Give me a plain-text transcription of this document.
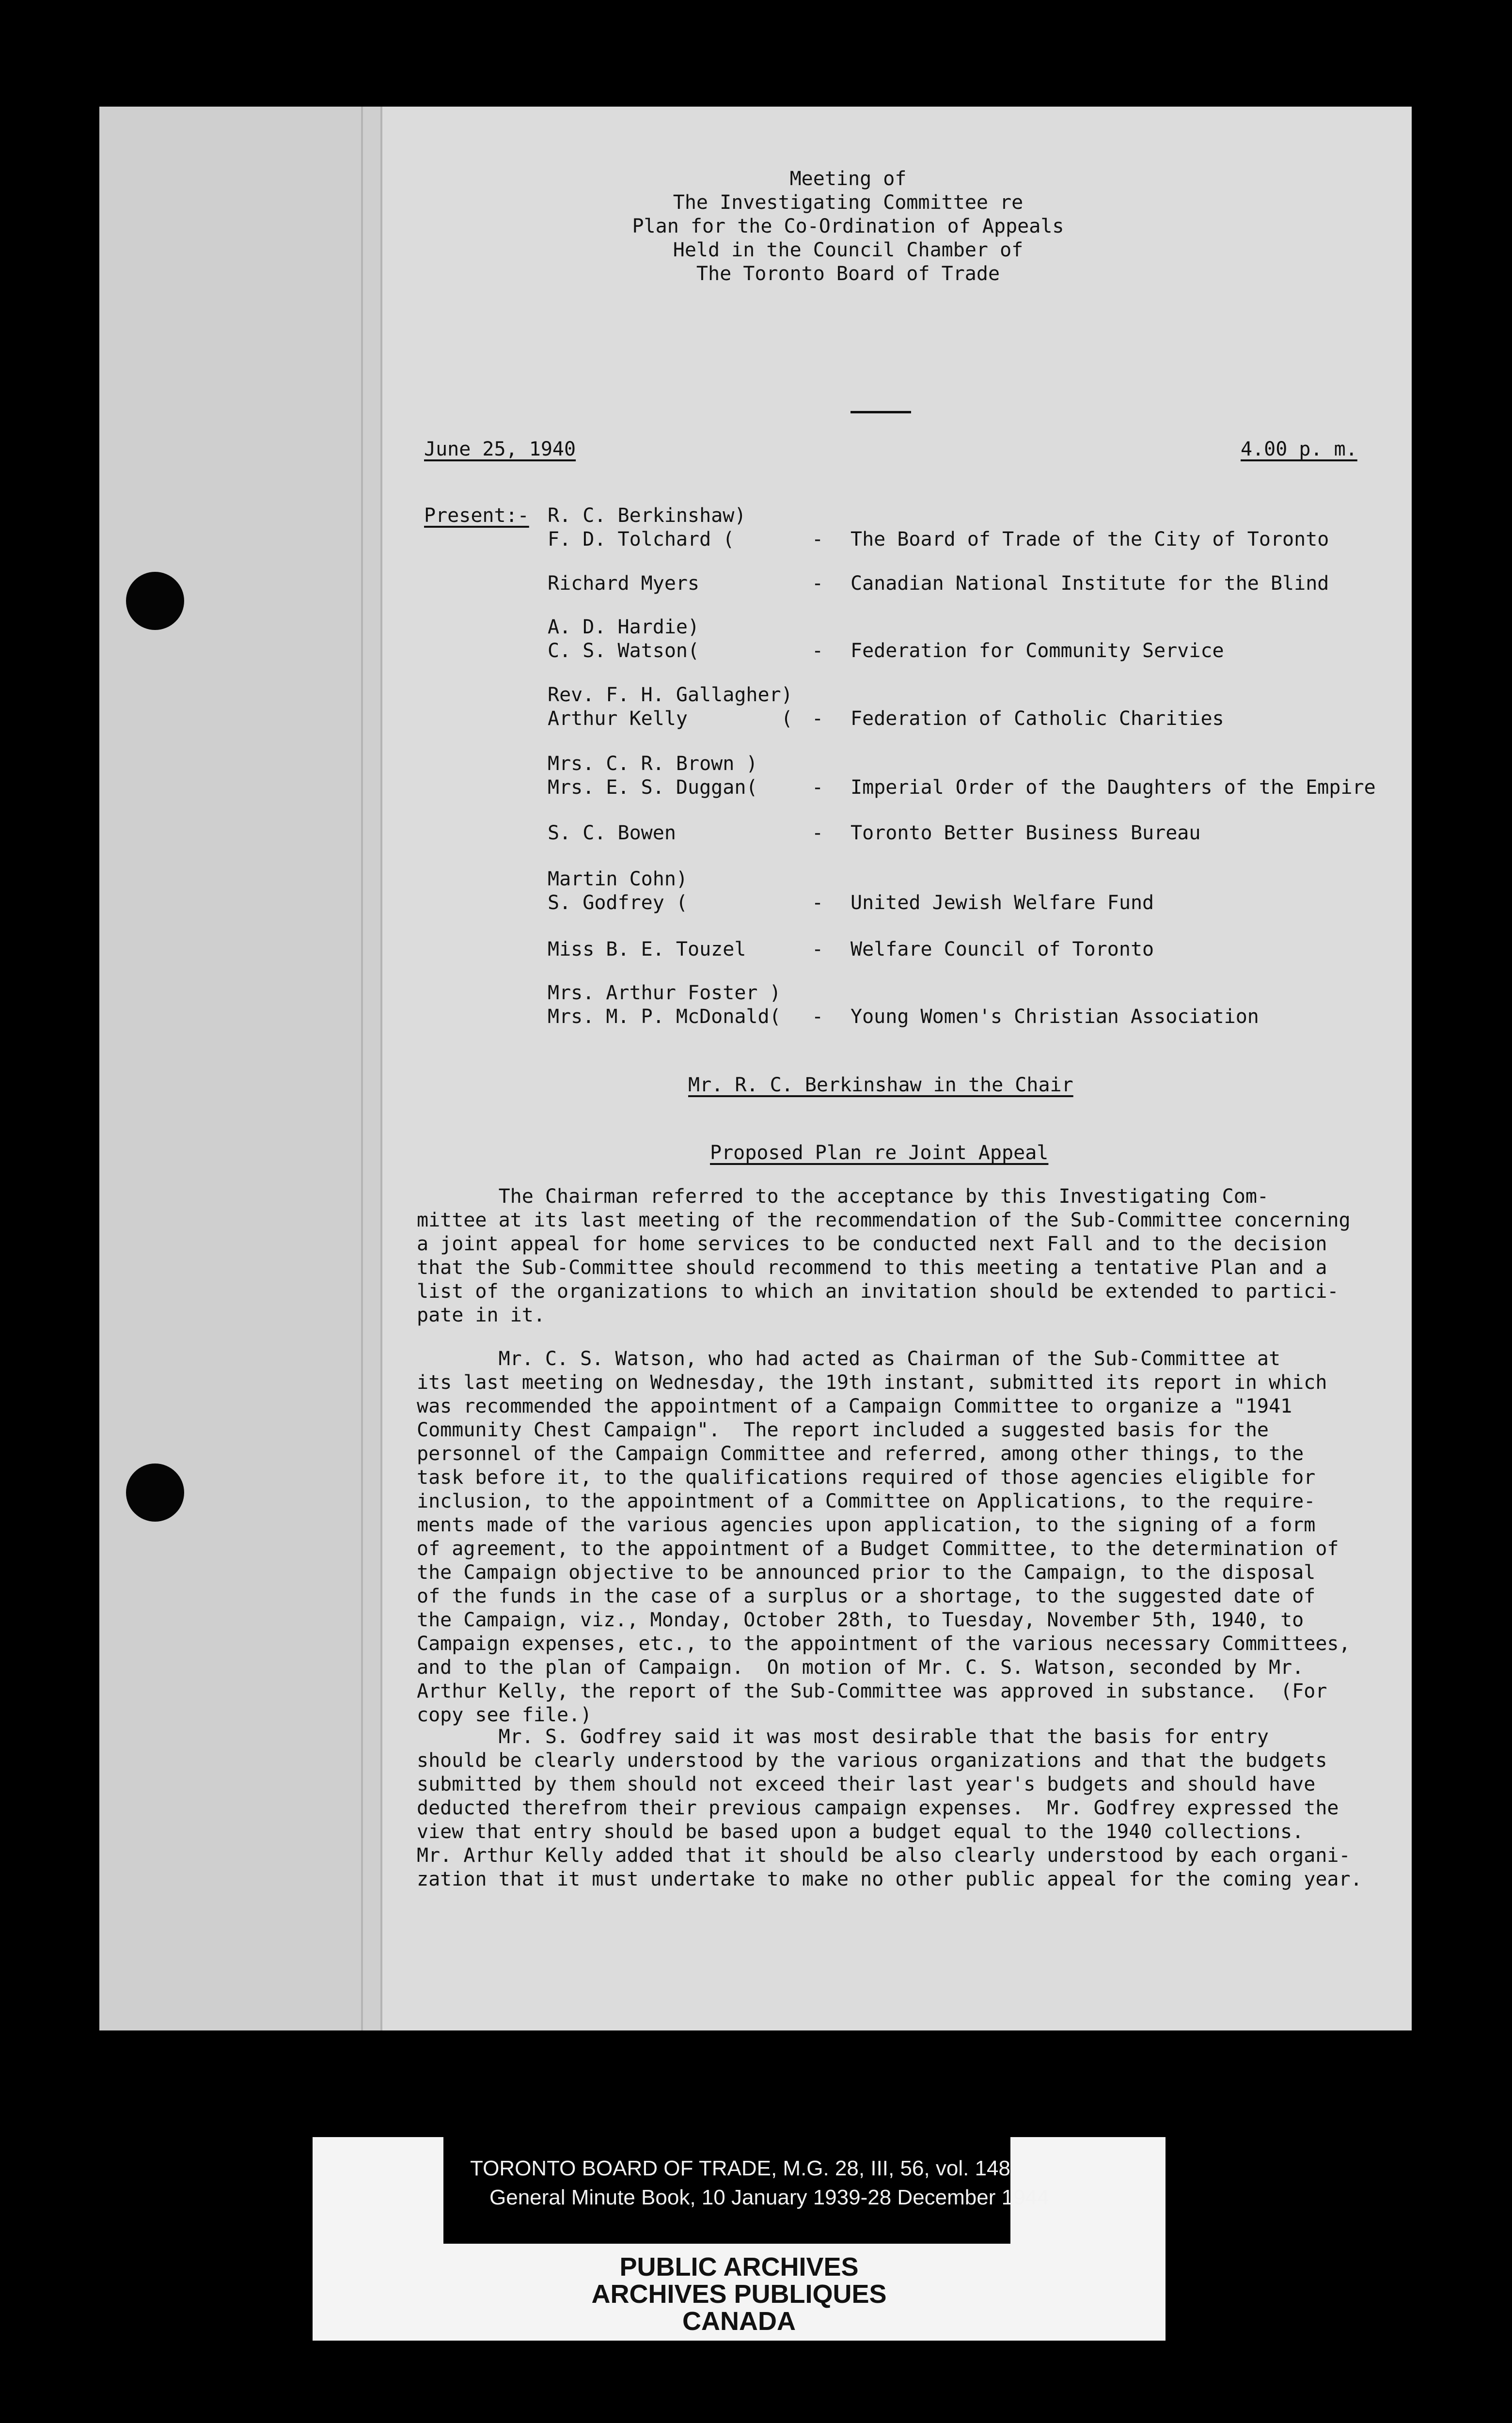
Meeting of
The Investigating Committee re
Plan for the Co-Ordination of Appeals
Held in the Council Chamber of
The Toronto Board of Trade
June 25, 1940	4.00 p. m.
Present:- R. C. Berkinshaw)
F. D. Tolchard (	- The Board of Trade of the City of Toronto
Richard Myers	- Canadian National Institute for the Blind
A. D. Hardie)
C. S. Watson(	- Federation for Community Service
Rev. F. H. Gallagher)
Arthur Kelly        ( - Federation of Catholic Charities
Mrs. C. R. Brown )
Mrs. E. S. Duggan(	- Imperial Order of the Daughters of the Empire
S. C. Bowen	- Toronto Better Business Bureau
Martin Cohn)
S. Godfrey (	- United Jewish Welfare Fund
Miss B. E. Touzel	- Welfare Council of Toronto
Mrs. Arthur Foster )
Mrs. M. P. McDonald( - Young Women's Christian Association
Mr. R. C. Berkinshaw in the Chair
Proposed Plan re Joint Appeal
The Chairman referred to the acceptance by this Investigating Com-
mittee at its last meeting of the recommendation of the Sub-Committee concerning
a joint appeal for home services to be conducted next Fall and to the decision
that the Sub-Committee should recommend to this meeting a tentative Plan and a
list of the organizations to which an invitation should be extended to partici-
pate in it.
Mr. C. S. Watson, who had acted as Chairman of the Sub-Committee at
its last meeting on Wednesday, the 19th instant, submitted its report in which
was recommended the appointment of a Campaign Committee to organize a "1941
Community Chest Campaign".  The report included a suggested basis for the
personnel of the Campaign Committee and referred, among other things, to the
task before it, to the qualifications required of those agencies eligible for
inclusion, to the appointment of a Committee on Applications, to the require-
ments made of the various agencies upon application, to the signing of a form
of agreement, to the appointment of a Budget Committee, to the determination of
the Campaign objective to be announced prior to the Campaign, to the disposal
of the funds in the case of a surplus or a shortage, to the suggested date of
the Campaign, viz., Monday, October 28th, to Tuesday, November 5th, 1940, to
Campaign expenses, etc., to the appointment of the various necessary Committees,
and to the plan of Campaign.  On motion of Mr. C. S. Watson, seconded by Mr.
Arthur Kelly, the report of the Sub-Committee was approved in substance.  (For
copy see file.)
Mr. S. Godfrey said it was most desirable that the basis for entry
should be clearly understood by the various organizations and that the budgets
submitted by them should not exceed their last year's budgets and should have
deducted therefrom their previous campaign expenses.  Mr. Godfrey expressed the
view that entry should be based upon a budget equal to the 1940 collections.
Mr. Arthur Kelly added that it should be also clearly understood by each organi-
zation that it must undertake to make no other public appeal for the coming year.
TORONTO BOARD OF TRADE, M.G. 28, III, 56, vol. 148
General Minute Book, 10 January 1939-28 December 1944
PUBLIC ARCHIVES
ARCHIVES PUBLIQUES
CANADA
